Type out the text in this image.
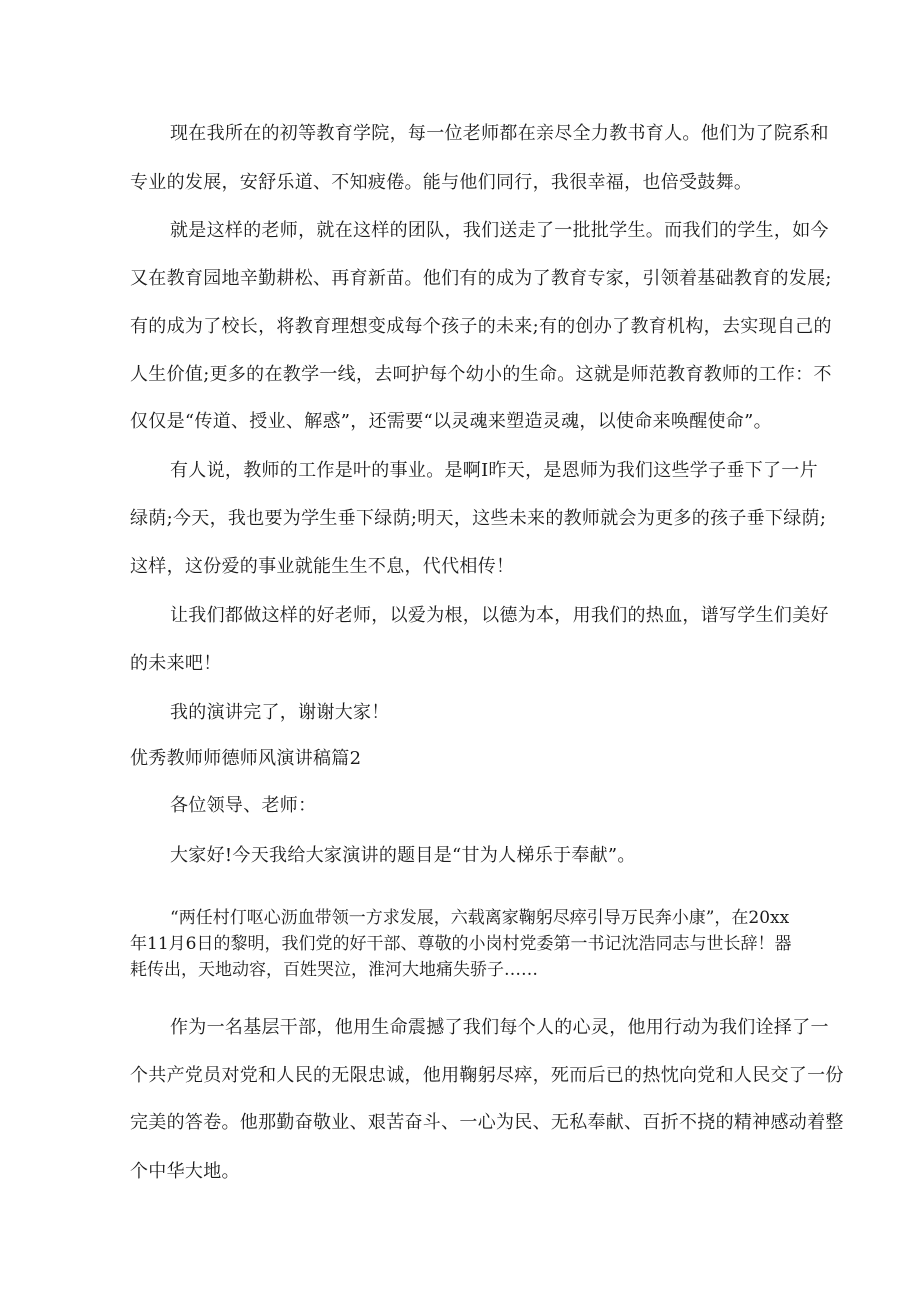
现在我所在的初等教育学院，每一位老师都在亲尽全力教书育人。他们为了院系和
专业的发展，安舒乐道、不知疲倦。能与他们同行，我很幸福，也倍受鼓舞。
就是这样的老师，就在这样的团队，我们送走了一批批学生。而我们的学生，如今
又在教育园地辛勤耕松、再育新苗。他们有的成为了教育专家，引领着基础教育的发展;
有的成为了校长，将教育理想变成每个孩子的未来;有的创办了教育机构，去实现自己的
人生价值;更多的在教学一线，去呵护每个幼小的生命。这就是师范教育教师的工作：不
仅仅是“传道、授业、解惑”，还需要“以灵魂来塑造灵魂，以使命来唤醒使命”。
有人说，教师的工作是叶的事业。是啊I昨天，是恩师为我们这些学子垂下了一片
绿荫;今天，我也要为学生垂下绿荫;明天，这些未来的教师就会为更多的孩子垂下绿荫;
这样，这份爱的事业就能生生不息，代代相传！
让我们都做这样的好老师，以爱为根，以德为本，用我们的热血，谱写学生们美好
的未来吧！
我的演讲完了，谢谢大家！
优秀教师师德师风演讲稿篇2
各位领导、老师：
大家好!今天我给大家演讲的题目是“甘为人梯乐于奉献”。
“两任村仃呕心沥血带领一方求发展，六载离家鞠躬尽瘁引导万民奔小康”，在20xx
年11月6日的黎明，我们党的好干部、尊敬的小岗村党委第一书记沈浩同志与世长辞！器
耗传出，天地动容，百姓哭泣，淮河大地痛失骄子……
作为一名基层干部，他用生命震撼了我们每个人的心灵，他用行动为我们诠择了一
个共产党员对党和人民的无限忠诚，他用鞠躬尽瘁，死而后已的热忱向党和人民交了一份
完美的答卷。他那勤奋敬业、艰苦奋斗、一心为民、无私奉献、百折不挠的精神感动着整
个中华大地。
